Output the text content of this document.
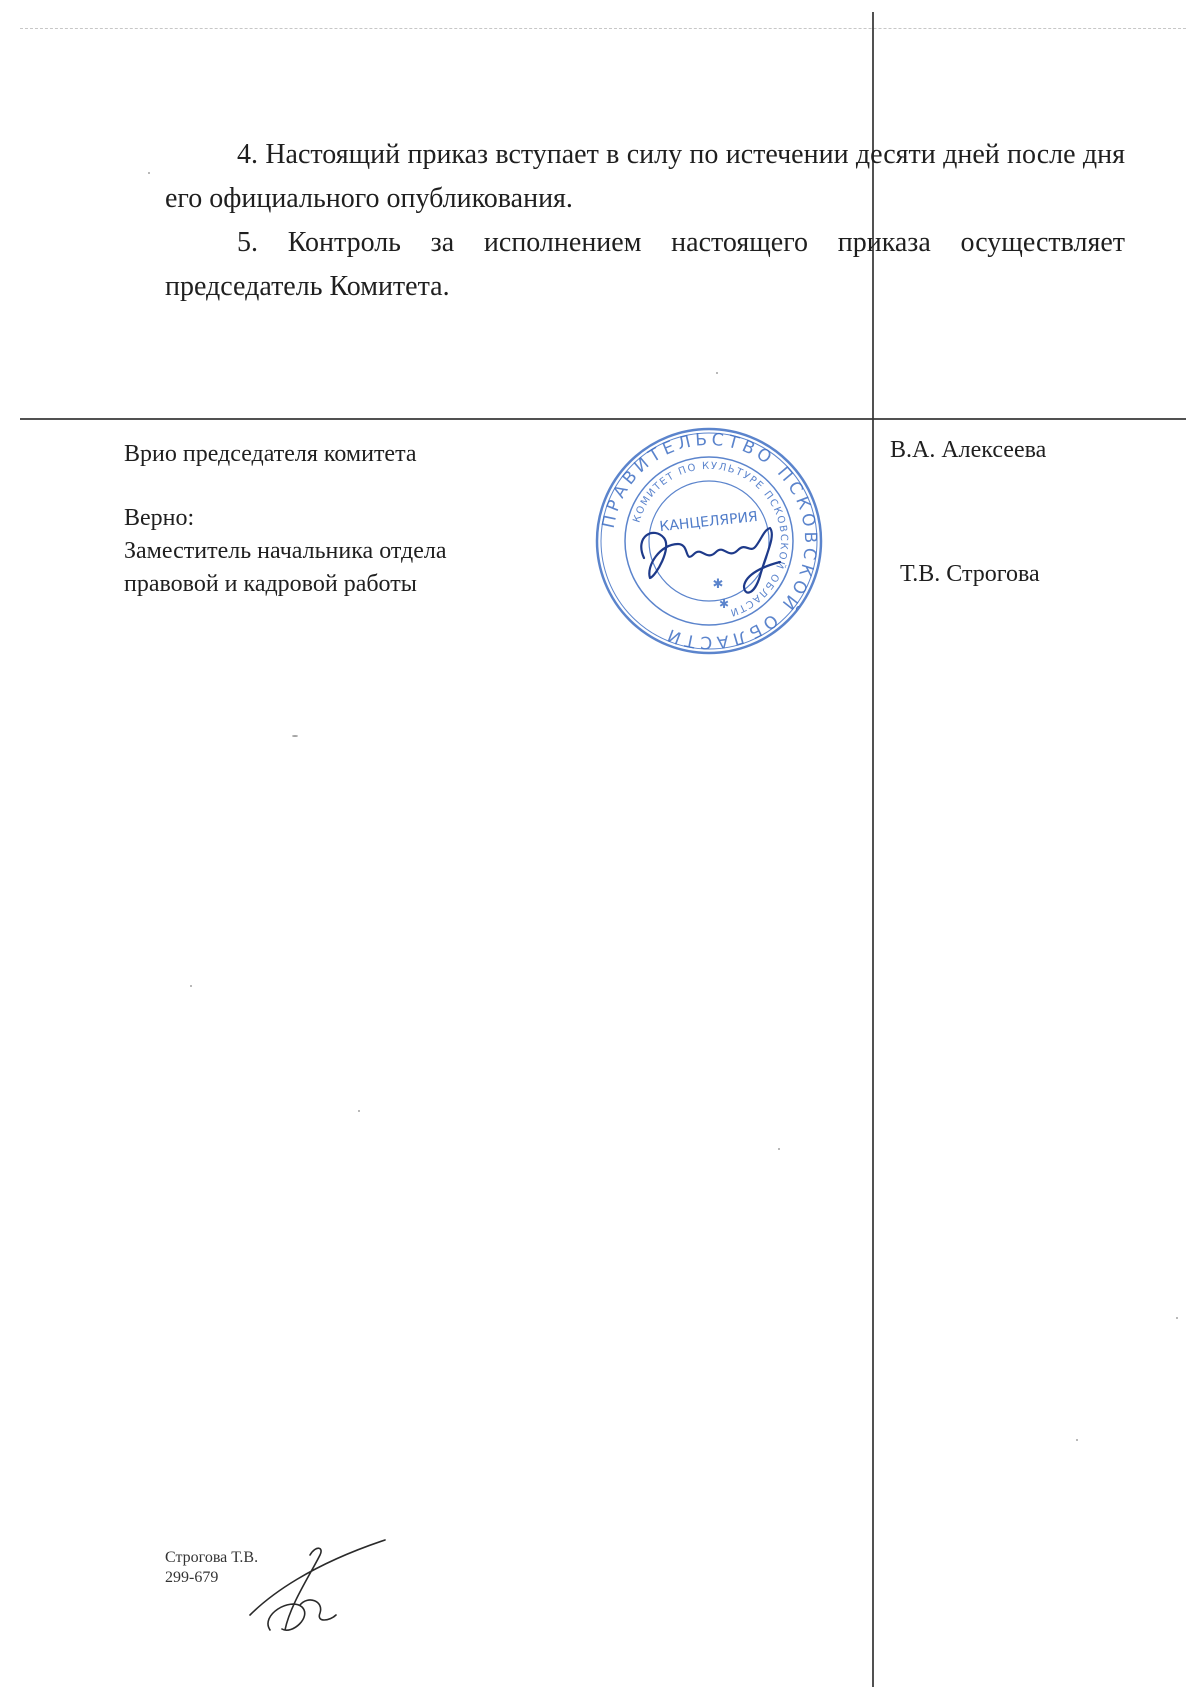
4. Настоящий приказ вступает в силу по истечении десяти дней после дня его официального опубликования.

5. Контроль за исполнением настоящего приказа осуществляет председатель Комитета.

Врио председателя комитета	В.А. Алексеева
Верно:
Заместитель начальника отдела
правовой и кадровой работы	Т.В. Строгова
ПРАВИТЕЛЬСТВО ПСКОВСКОЙ ОБЛАСТИ
КОМИТЕТ ПО КУЛЬТУРЕ ПСКОВСКОЙ ОБЛАСТИ
КАНЦЕЛЯРИЯ
✱
✱
Строгова Т.В.
299-679
